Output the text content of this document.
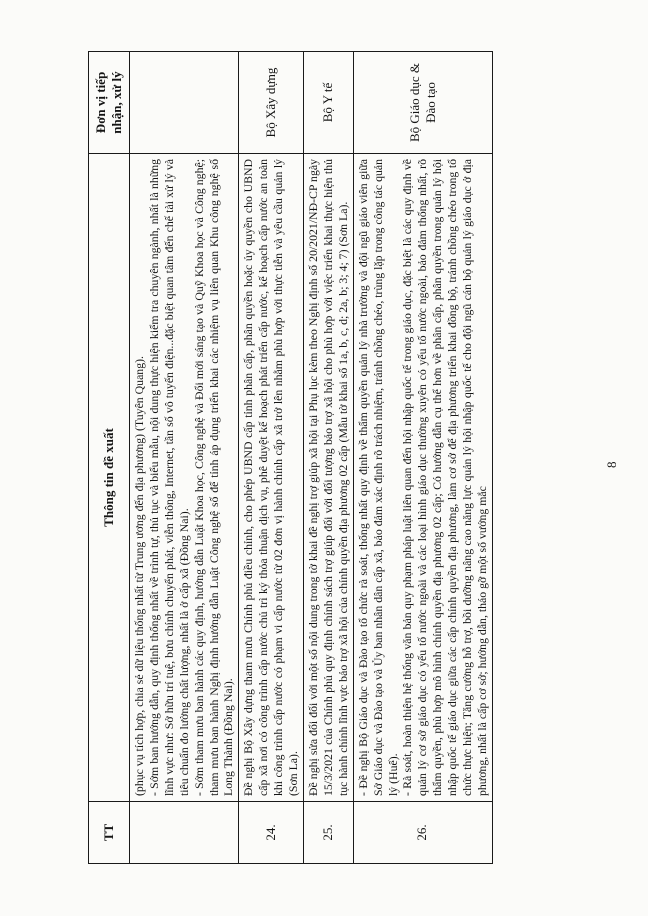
TT	Thông tin đề xuất	Đơn vị tiếp nhận, xử lý

	(phục vụ tích hợp, chia sẻ dữ liệu thống nhất từ Trung ương đến địa phương) (Tuyên Quang). - Sớm ban hướng dẫn, quy định thống nhất về trình tự, thủ tục và biểu mẫu, nội dung thực hiện kiểm tra chuyên ngành, nhất là những lĩnh vực như: Sở hữu trí tuệ, bưu chính chuyển phát, viễn thông, Internet, tần số vô tuyến điện...đặc biệt quan tâm đến chế tài xử lý và tiêu chuẩn đo lường chất lượng, nhất là ở cấp xã (Đồng Nai). - Sớm tham mưu ban hành các quy định, hướng dẫn Luật Khoa học, Công nghệ và Đổi mới sáng tạo và Quỹ Khoa học và Công nghệ; tham mưu ban hành Nghị định hướng dẫn Luật Công nghệ số để tỉnh áp dụng triển khai các nhiệm vụ liên quan Khu công nghệ số Long Thành (Đồng Nai).	

24.	Đề nghị Bộ Xây dựng tham mưu Chính phủ điều chỉnh, cho phép UBND cấp tỉnh phân cấp, phân quyền hoặc ủy quyền cho UBND cấp xã nơi có công trình cấp nước chủ trì ký thỏa thuận dịch vụ, phê duyệt kế hoạch phát triển cấp nước, kế hoạch cấp nước an toàn khi công trình cấp nước có phạm vi cấp nước từ 02 đơn vị hành chính cấp xã trở lên nhằm phù hợp với thực tiễn và yêu cầu quản lý (Sơn La).	Bộ Xây dựng
25.	Đề nghị sửa đổi đối với một số nội dung trong tờ khai đề nghị trợ giúp xã hội tại Phụ lục kèm theo Nghị định số 20/2021/NĐ-CP ngày 15/3/2021 của Chính phủ quy định chính sách trợ giúp đối với đối tượng bảo trợ xã hội cho phù hợp với việc triển khai thực hiện thủ tục hành chính lĩnh vực bảo trợ xã hội của chính quyền địa phương 02 cấp (Mẫu tờ khai số 1a, b, c, d; 2a, b; 3; 4; 7) (Sơn La).	Bộ Y tế
26.	- Đề nghị Bộ Giáo dục và Đào tạo tổ chức rà soát, thống nhất quy định về thẩm quyền quản lý nhà trường và đội ngũ giáo viên giữa Sở Giáo dục và Đào tạo và Ủy ban nhân dân cấp xã, bảo đảm xác định rõ trách nhiệm, tránh chồng chéo, trùng lặp trong công tác quản lý (Huế). - Rà soát, hoàn thiện hệ thống văn bản quy phạm pháp luật liên quan đến hội nhập quốc tế trong giáo dục, đặc biệt là các quy định về quản lý cơ sở giáo dục có yếu tố nước ngoài và các loại hình giáo dục thường xuyên có yếu tố nước ngoài, bảo đảm thống nhất, rõ thẩm quyền, phù hợp mô hình chính quyền địa phương 02 cấp; Có hướng dẫn cụ thể hơn về phân cấp, phân quyền trong quản lý hội nhập quốc tế giáo dục giữa các cấp chính quyền địa phương, làm cơ sở để địa phương triển khai đồng bộ, tránh chồng chéo trong tổ chức thực hiện; Tăng cường hỗ trợ, bồi dưỡng nâng cao năng lực quản lý hội nhập quốc tế cho đội ngũ cán bộ quản lý giáo dục ở địa phương, nhất là cấp cơ sở; hướng dẫn, tháo gỡ một số vướng mắc	Bộ Giáo dục & Đào tạo
8
